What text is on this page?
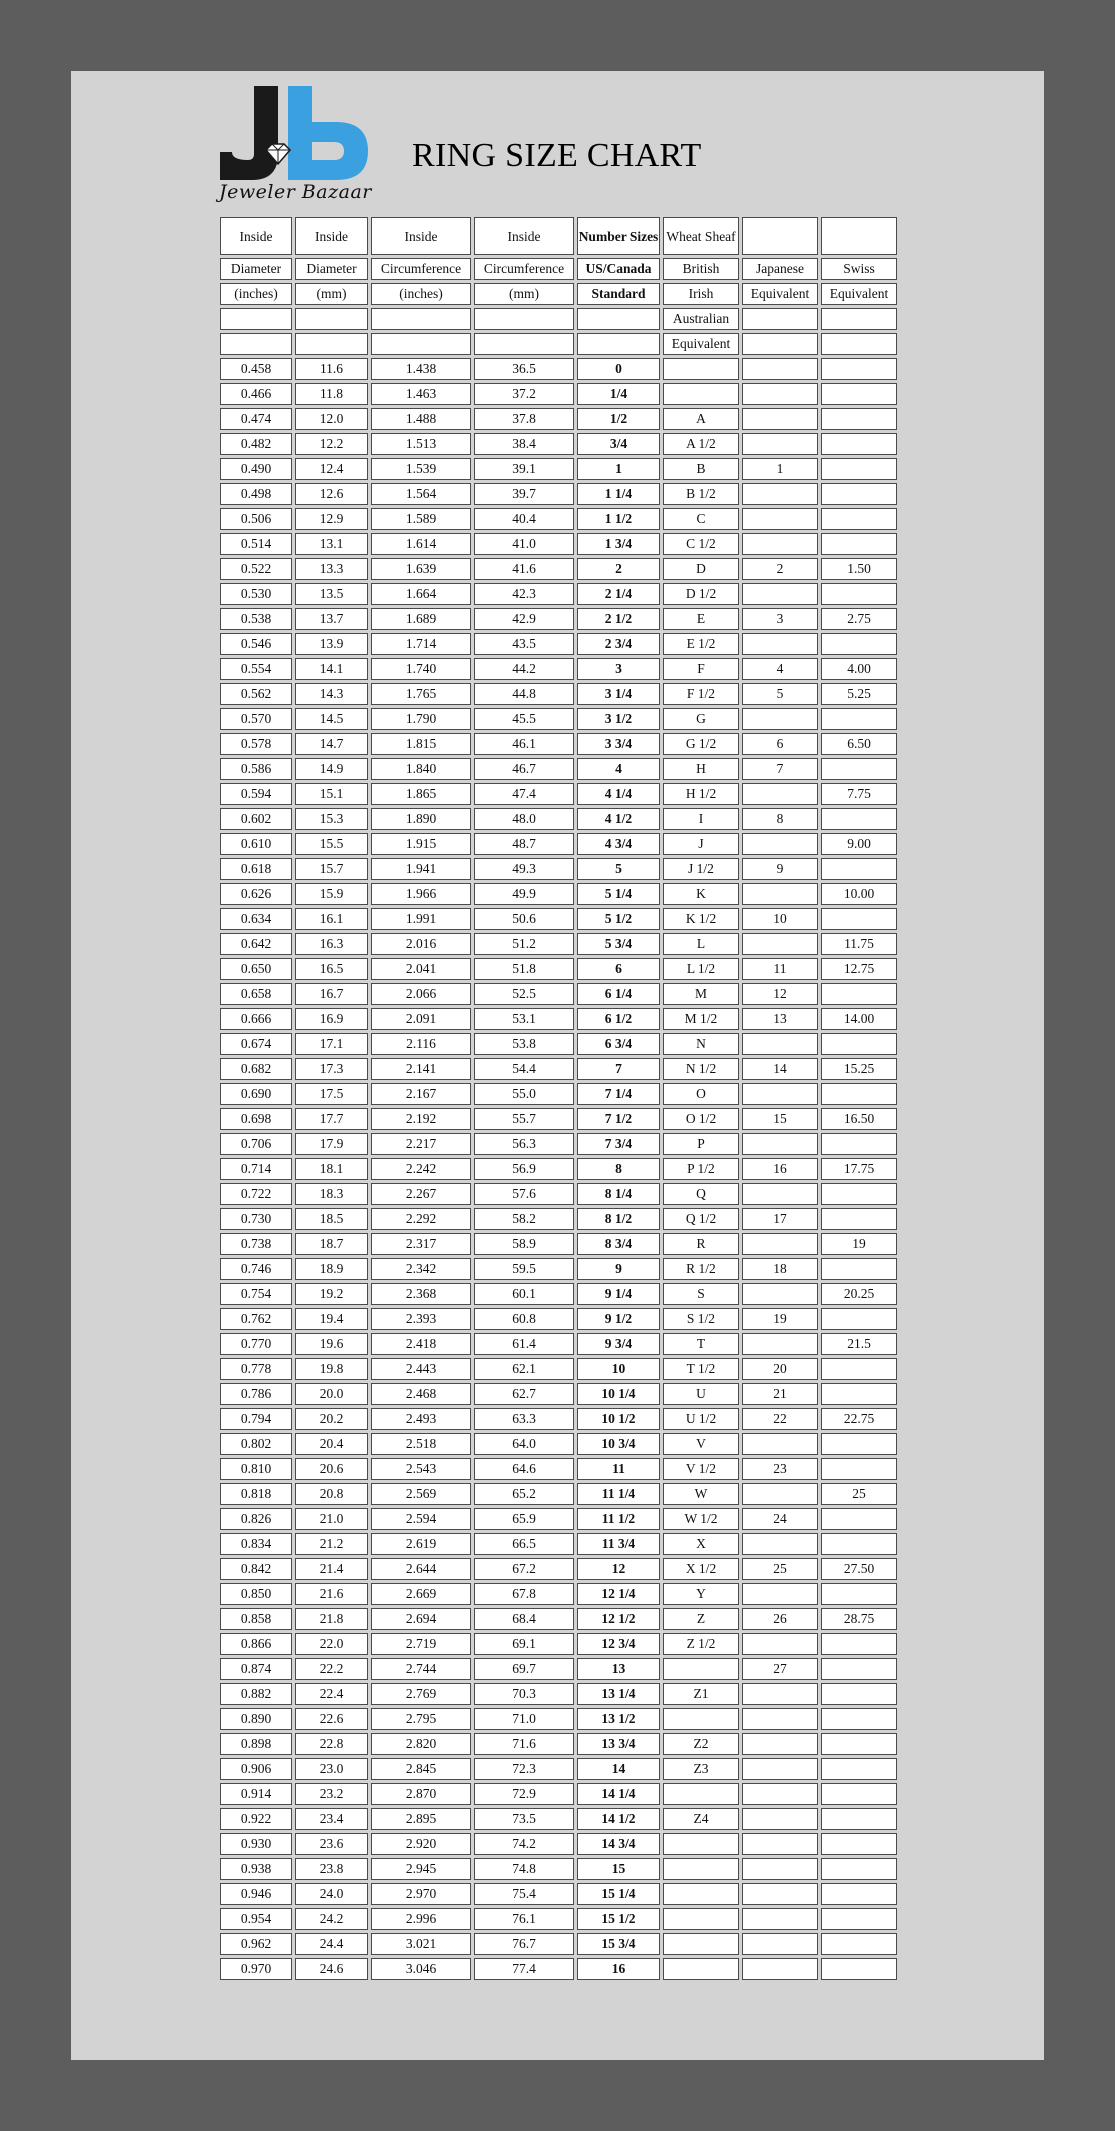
Jeweler Bazaar
RING SIZE CHART
Inside	Inside	Inside	Inside	Number Sizes	Wheat Sheaf		
Diameter	Diameter	Circumference	Circumference	US/Canada	British	Japanese	Swiss
(inches)	(mm)	(inches)	(mm)	Standard	Irish	Equivalent	Equivalent
					Australian		
					Equivalent		
0.458	11.6	1.438	36.5	0			
0.466	11.8	1.463	37.2	1/4			
0.474	12.0	1.488	37.8	1/2	A		
0.482	12.2	1.513	38.4	3/4	A 1/2		
0.490	12.4	1.539	39.1	1	B	1	
0.498	12.6	1.564	39.7	1 1/4	B 1/2		
0.506	12.9	1.589	40.4	1 1/2	C		
0.514	13.1	1.614	41.0	1 3/4	C 1/2		
0.522	13.3	1.639	41.6	2	D	2	1.50
0.530	13.5	1.664	42.3	2 1/4	D 1/2		
0.538	13.7	1.689	42.9	2 1/2	E	3	2.75
0.546	13.9	1.714	43.5	2 3/4	E 1/2		
0.554	14.1	1.740	44.2	3	F	4	4.00
0.562	14.3	1.765	44.8	3 1/4	F 1/2	5	5.25
0.570	14.5	1.790	45.5	3 1/2	G		
0.578	14.7	1.815	46.1	3 3/4	G 1/2	6	6.50
0.586	14.9	1.840	46.7	4	H	7	
0.594	15.1	1.865	47.4	4 1/4	H 1/2		7.75
0.602	15.3	1.890	48.0	4 1/2	I	8	
0.610	15.5	1.915	48.7	4 3/4	J		9.00
0.618	15.7	1.941	49.3	5	J 1/2	9	
0.626	15.9	1.966	49.9	5 1/4	K		10.00
0.634	16.1	1.991	50.6	5 1/2	K 1/2	10	
0.642	16.3	2.016	51.2	5 3/4	L		11.75
0.650	16.5	2.041	51.8	6	L 1/2	11	12.75
0.658	16.7	2.066	52.5	6 1/4	M	12	
0.666	16.9	2.091	53.1	6 1/2	M 1/2	13	14.00
0.674	17.1	2.116	53.8	6 3/4	N		
0.682	17.3	2.141	54.4	7	N 1/2	14	15.25
0.690	17.5	2.167	55.0	7 1/4	O		
0.698	17.7	2.192	55.7	7 1/2	O 1/2	15	16.50
0.706	17.9	2.217	56.3	7 3/4	P		
0.714	18.1	2.242	56.9	8	P 1/2	16	17.75
0.722	18.3	2.267	57.6	8 1/4	Q		
0.730	18.5	2.292	58.2	8 1/2	Q 1/2	17	
0.738	18.7	2.317	58.9	8 3/4	R		19
0.746	18.9	2.342	59.5	9	R 1/2	18	
0.754	19.2	2.368	60.1	9 1/4	S		20.25
0.762	19.4	2.393	60.8	9 1/2	S 1/2	19	
0.770	19.6	2.418	61.4	9 3/4	T		21.5
0.778	19.8	2.443	62.1	10	T 1/2	20	
0.786	20.0	2.468	62.7	10 1/4	U	21	
0.794	20.2	2.493	63.3	10 1/2	U 1/2	22	22.75
0.802	20.4	2.518	64.0	10 3/4	V		
0.810	20.6	2.543	64.6	11	V 1/2	23	
0.818	20.8	2.569	65.2	11 1/4	W		25
0.826	21.0	2.594	65.9	11 1/2	W 1/2	24	
0.834	21.2	2.619	66.5	11 3/4	X		
0.842	21.4	2.644	67.2	12	X 1/2	25	27.50
0.850	21.6	2.669	67.8	12 1/4	Y		
0.858	21.8	2.694	68.4	12 1/2	Z	26	28.75
0.866	22.0	2.719	69.1	12 3/4	Z 1/2		
0.874	22.2	2.744	69.7	13		27	
0.882	22.4	2.769	70.3	13 1/4	Z1		
0.890	22.6	2.795	71.0	13 1/2			
0.898	22.8	2.820	71.6	13 3/4	Z2		
0.906	23.0	2.845	72.3	14	Z3		
0.914	23.2	2.870	72.9	14 1/4			
0.922	23.4	2.895	73.5	14 1/2	Z4		
0.930	23.6	2.920	74.2	14 3/4			
0.938	23.8	2.945	74.8	15			
0.946	24.0	2.970	75.4	15 1/4			
0.954	24.2	2.996	76.1	15 1/2			
0.962	24.4	3.021	76.7	15 3/4			
0.970	24.6	3.046	77.4	16			
